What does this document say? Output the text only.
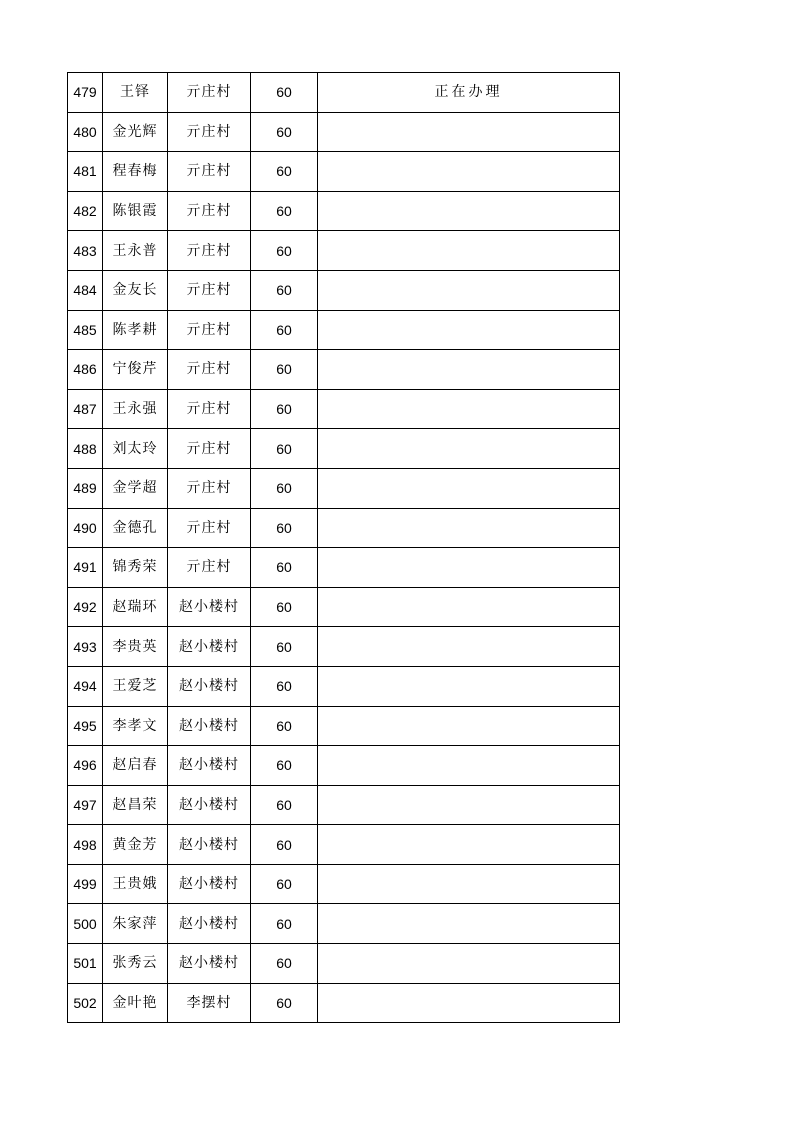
479	王铎	亓庄村	60	正在办理
480	金光辉	亓庄村	60	
481	程春梅	亓庄村	60	
482	陈银霞	亓庄村	60	
483	王永普	亓庄村	60	
484	金友长	亓庄村	60	
485	陈孝耕	亓庄村	60	
486	宁俊芹	亓庄村	60	
487	王永强	亓庄村	60	
488	刘太玲	亓庄村	60	
489	金学超	亓庄村	60	
490	金德孔	亓庄村	60	
491	锦秀荣	亓庄村	60	
492	赵瑞环	赵小楼村	60	
493	李贵英	赵小楼村	60	
494	王爱芝	赵小楼村	60	
495	李孝文	赵小楼村	60	
496	赵启春	赵小楼村	60	
497	赵昌荣	赵小楼村	60	
498	黄金芳	赵小楼村	60	
499	王贵娥	赵小楼村	60	
500	朱家萍	赵小楼村	60	
501	张秀云	赵小楼村	60	
502	金叶艳	李摆村	60	
